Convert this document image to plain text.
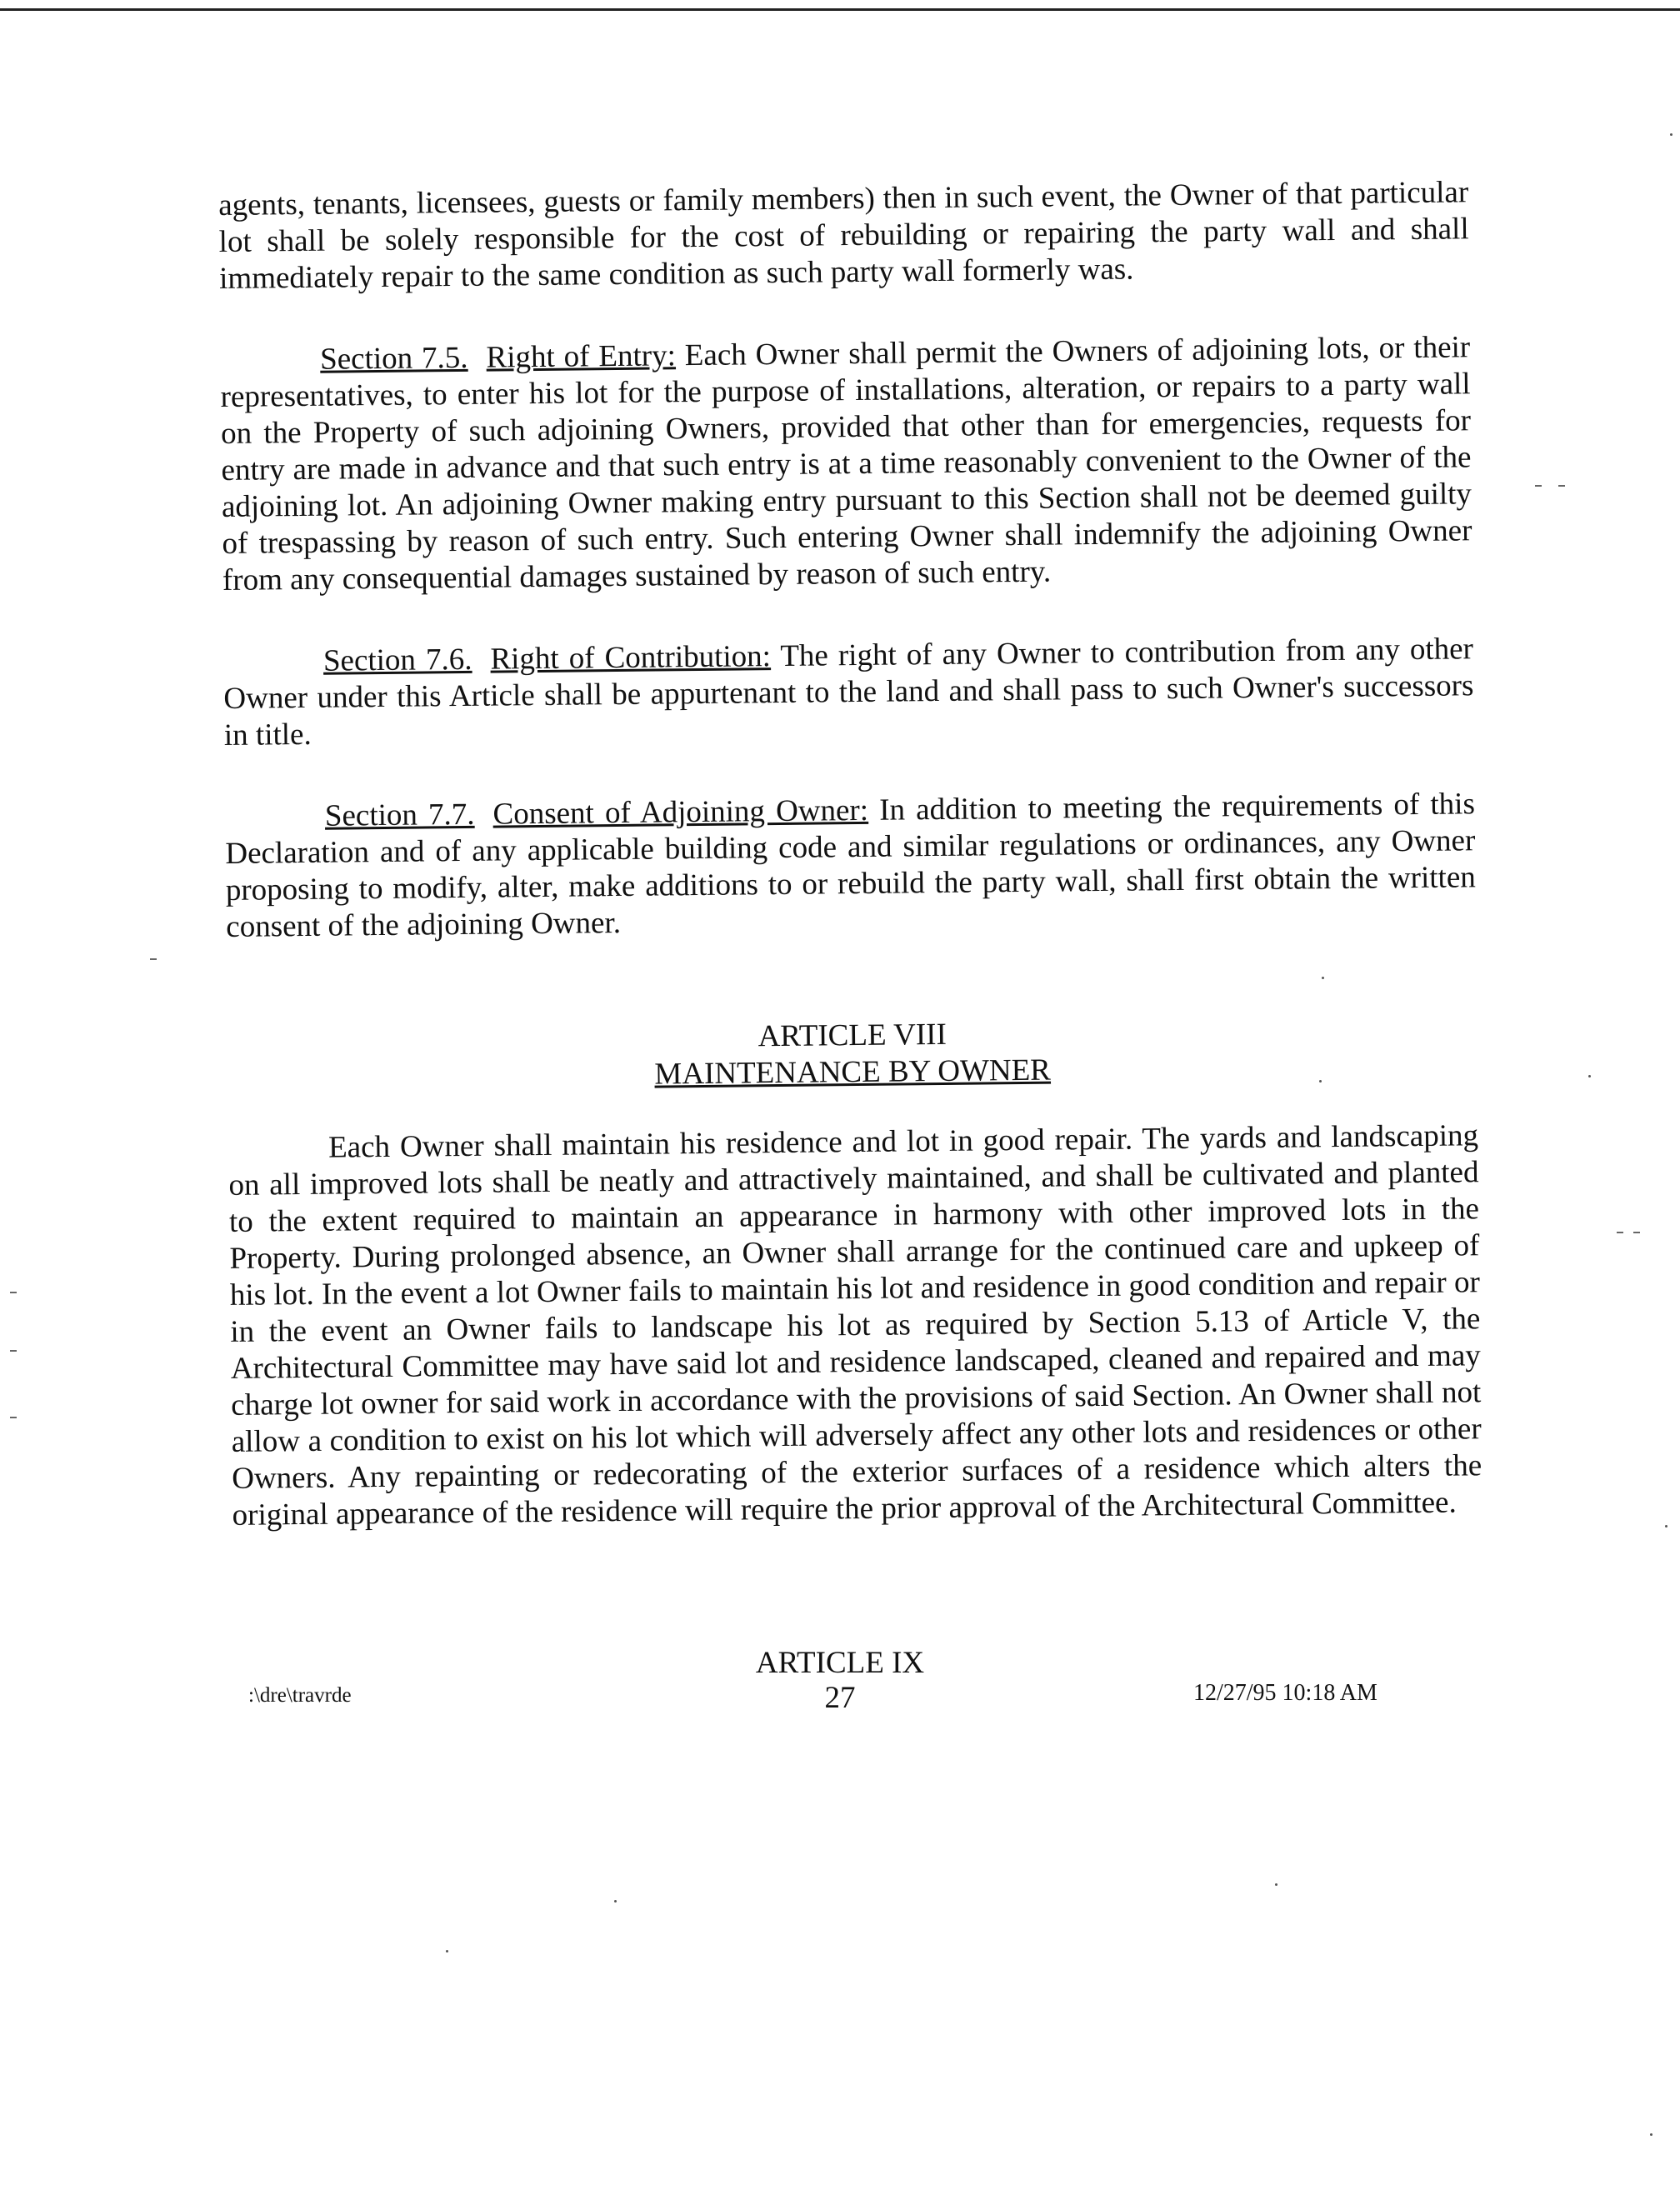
agents, tenants, licensees, guests or family members) then in such event, the Owner of that particular lot shall be solely responsible for the cost of rebuilding or repairing the party wall and shall immediately repair to the same condition as such party wall formerly was.

Section 7.5. Right of Entry: Each Owner shall permit the Owners of adjoining lots, or their representatives, to enter his lot for the purpose of installations, alteration, or repairs to a party wall on the Property of such adjoining Owners, provided that other than for emergencies, requests for entry are made in advance and that such entry is at a time reasonably convenient to the Owner of the adjoining lot. An adjoining Owner making entry pursuant to this Section shall not be deemed guilty of trespassing by reason of such entry. Such entering Owner shall indemnify the adjoining Owner from any consequential damages sustained by reason of such entry.

Section 7.6. Right of Contribution: The right of any Owner to contribution from any other Owner under this Article shall be appurtenant to the land and shall pass to such Owner's successors in title.

Section 7.7. Consent of Adjoining Owner: In addition to meeting the requirements of this Declaration and of any applicable building code and similar regulations or ordinances, any Owner proposing to modify, alter, make additions to or rebuild the party wall, shall first obtain the written consent of the adjoining Owner.

ARTICLE VIII

MAINTENANCE BY OWNER

Each Owner shall maintain his residence and lot in good repair. The yards and landscaping on all improved lots shall be neatly and attractively maintained, and shall be cultivated and planted to the extent required to maintain an appearance in harmony with other improved lots in the Property. During prolonged absence, an Owner shall arrange for the continued care and upkeep of his lot. In the event a lot Owner fails to maintain his lot and residence in good condition and repair or in the event an Owner fails to landscape his lot as required by Section 5.13 of Article V, the Architectural Committee may have said lot and residence landscaped, cleaned and repaired and may charge lot owner for said work in accordance with the provisions of said Section. An Owner shall not allow a condition to exist on his lot which will adversely affect any other lots and residences or other Owners. Any repainting or redecorating of the exterior surfaces of a residence which alters the original appearance of the residence will require the prior approval of the Architectural Committee.

ARTICLE IX
:\dre\travrde	27	12/27/95 10:18 AM
